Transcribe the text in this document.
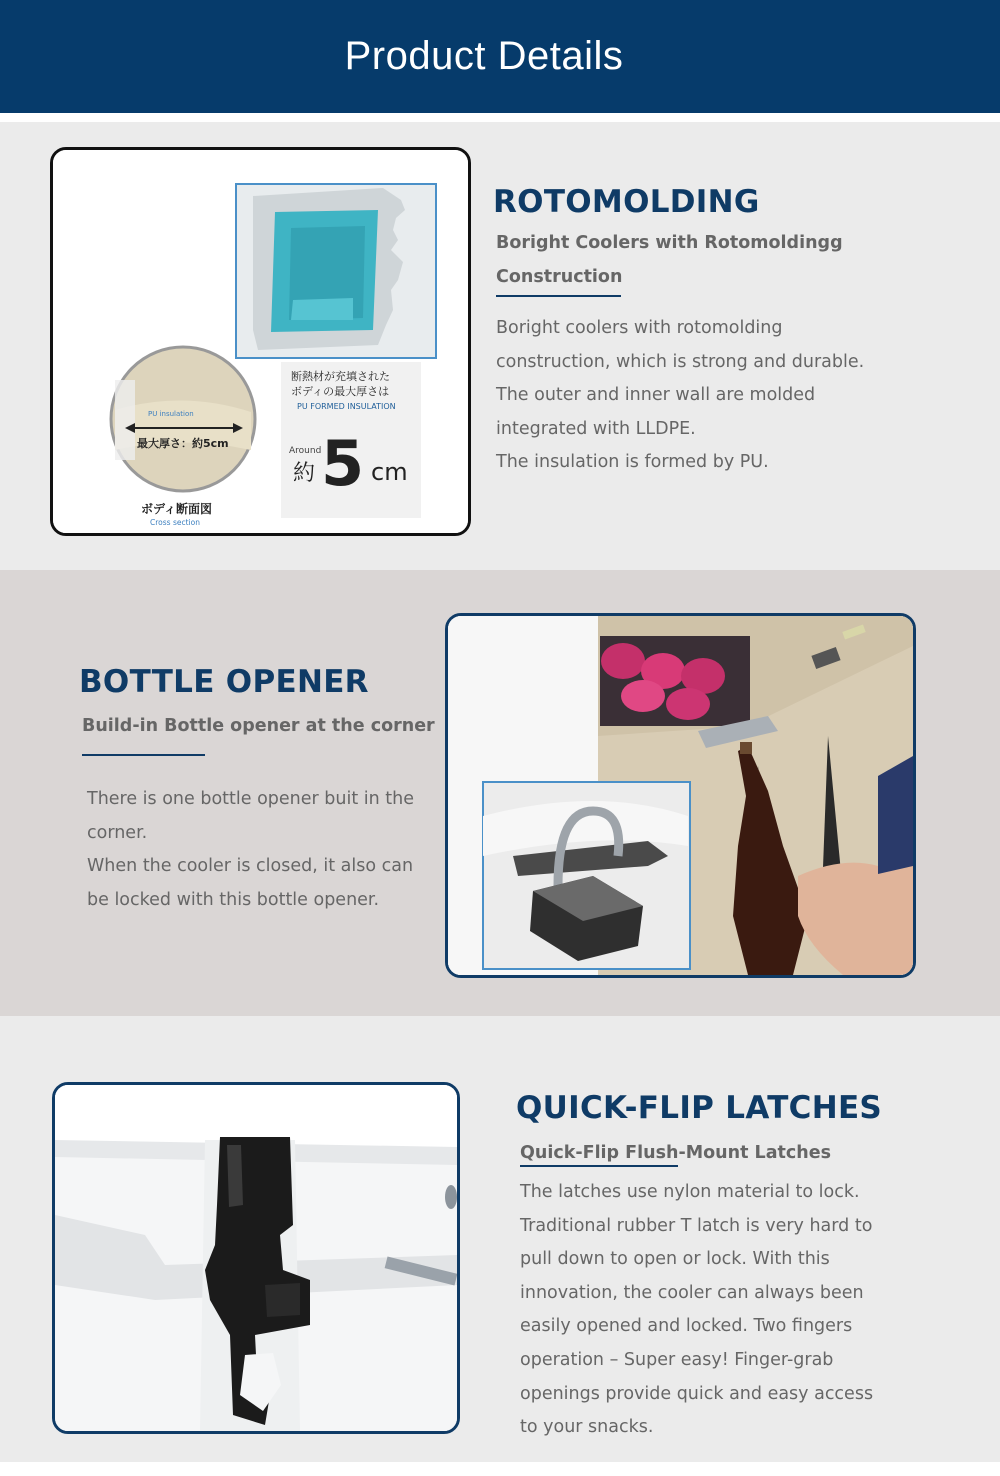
Product Details
断熱材が充填された
ボディの最大厚さは
PU FORMED INSULATION
Around
約 5 cm
PU insulation
最大厚さ：約5cm
ボディ断面図
Cross section
ROTOMOLDING
Boright Coolers with Rotomoldingg
Construction

Boright coolers with rotomolding

construction, which is strong and durable.

The outer and inner wall are molded

integrated with LLDPE.

The insulation is formed by PU.

BOTTLE OPENER
Build-in Bottle opener at the corner

There is one bottle opener buit in the

corner.

When the cooler is closed, it also can

be locked with this bottle opener.

QUICK-FLIP LATCHES
Quick-Flip Flush-Mount Latches

The latches use nylon material to lock.

Traditional rubber T latch is very hard to

pull down to open or lock. With this

innovation, the cooler can always been

easily opened and locked. Two fingers

operation – Super easy! Finger-grab

openings provide quick and easy access

to your snacks.
